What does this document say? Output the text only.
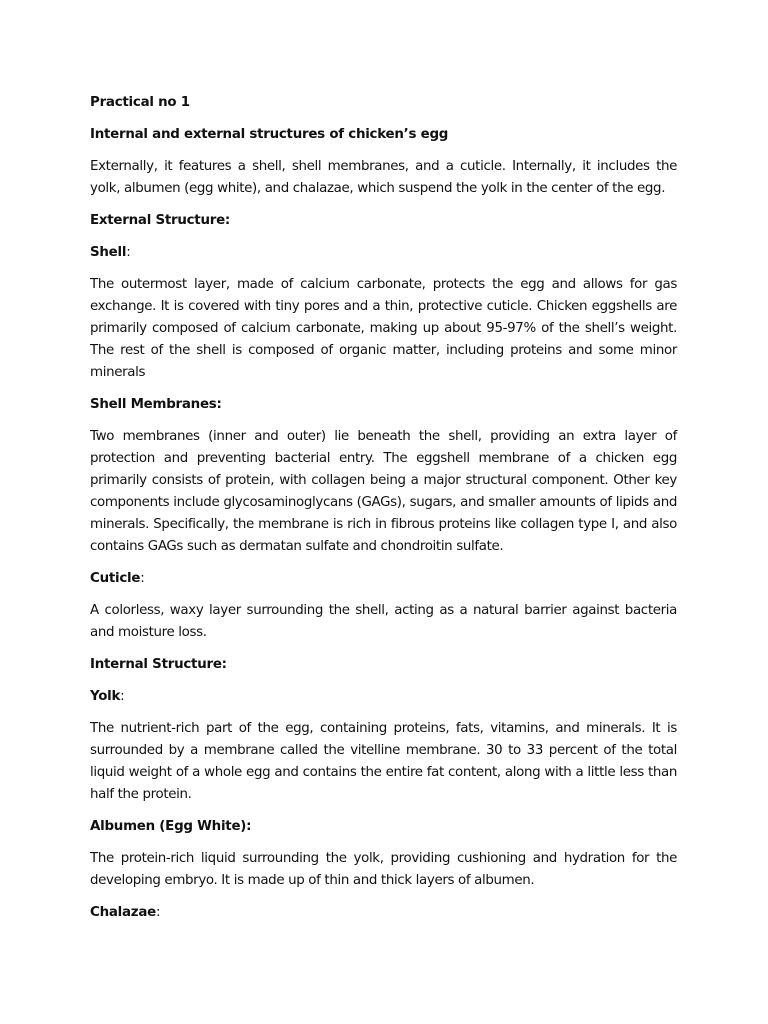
Practical no 1
Internal and external structures of chicken’s egg

Externally, it features a shell, shell membranes, and a cuticle. Internally, it includes the yolk, albumen (egg white), and chalazae, which suspend the yolk in the center of the egg.

External Structure:
Shell:

The outermost layer, made of calcium carbonate, protects the egg and allows for gas exchange. It is covered with tiny pores and a thin, protective cuticle. Chicken eggshells are primarily composed of calcium carbonate, making up about 95-97% of the shell’s weight. The rest of the shell is composed of organic matter, including proteins and some minor minerals

Shell Membranes:

Two membranes (inner and outer) lie beneath the shell, providing an extra layer of protection and preventing bacterial entry. The eggshell membrane of a chicken egg primarily consists of protein, with collagen being a major structural component. Other key components include glycosaminoglycans (GAGs), sugars, and smaller amounts of lipids and minerals. Specifically, the membrane is rich in fibrous proteins like collagen type I, and also contains GAGs such as dermatan sulfate and chondroitin sulfate.

Cuticle:

A colorless, waxy layer surrounding the shell, acting as a natural barrier against bacteria and moisture loss.

Internal Structure:
Yolk:

The nutrient-rich part of the egg, containing proteins, fats, vitamins, and minerals. It is surrounded by a membrane called the vitelline membrane. 30 to 33 percent of the total liquid weight of a whole egg and contains the entire fat content, along with a little less than half the protein.

Albumen (Egg White):

The protein-rich liquid surrounding the yolk, providing cushioning and hydration for the developing embryo. It is made up of thin and thick layers of albumen.

Chalazae:
